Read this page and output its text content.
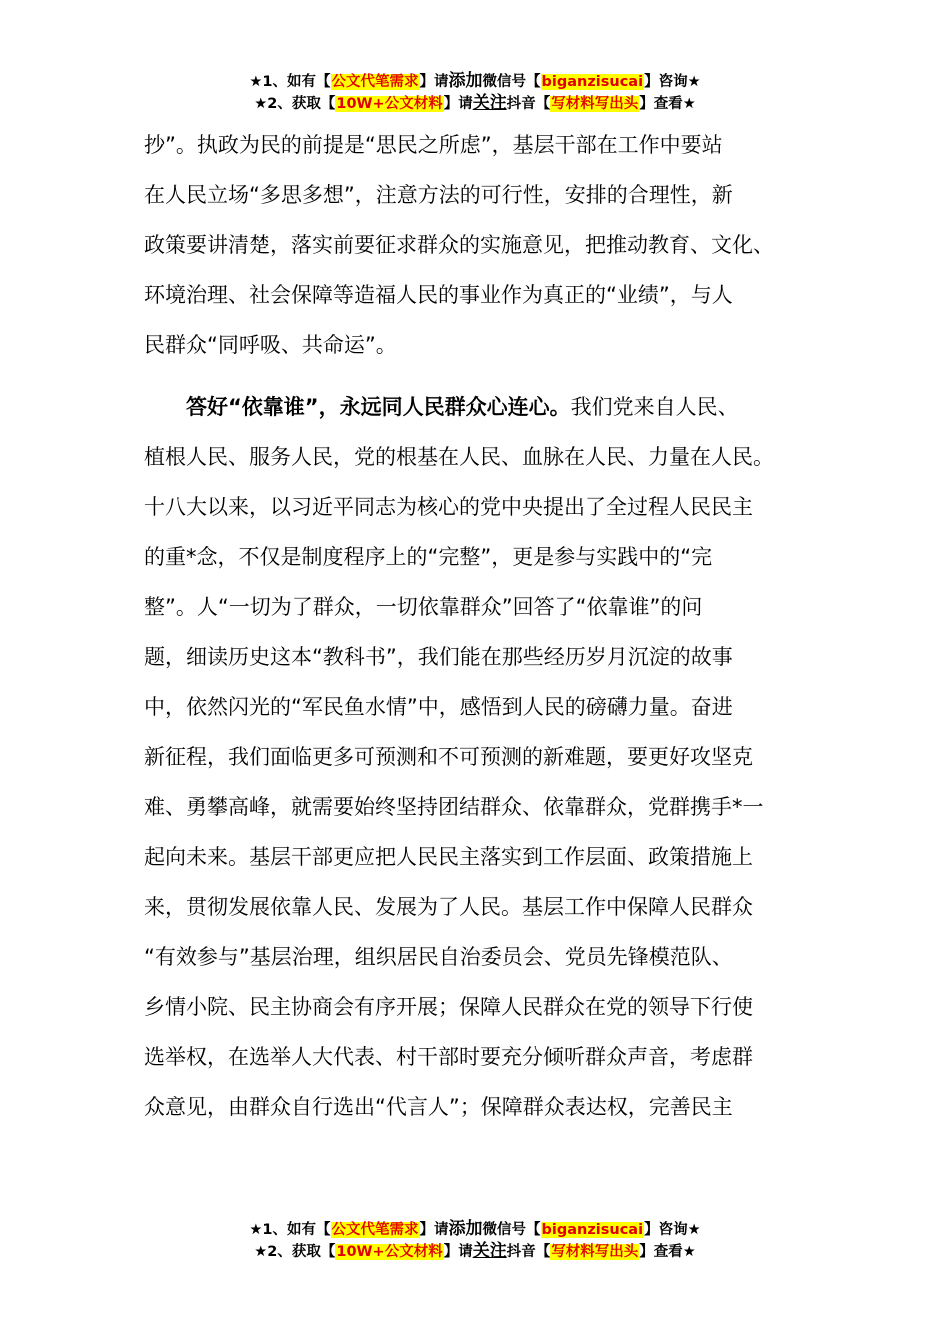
★1、如有【公文代笔需求】请添加微信号【biganzisucai】咨询★
★2、获取【10W+公文材料】请关注抖音【写材料写出头】查看★
抄”。执政为民的前提是“思民之所虑”，基层干部在工作中要站
在人民立场“多思多想”，注意方法的可行性，安排的合理性，新
政策要讲清楚，落实前要征求群众的实施意见，把推动教育、文化、
环境治理、社会保障等造福人民的事业作为真正的“业绩”，与人
民群众“同呼吸、共命运”。
答好“依靠谁”，永远同人民群众心连心。我们党来自人民、
植根人民、服务人民，党的根基在人民、血脉在人民、力量在人民。
十八大以来，以习近平同志为核心的党中央提出了全过程人民民主
的重*念，不仅是制度程序上的“完整”，更是参与实践中的“完
整”。人“一切为了群众，一切依靠群众”回答了“依靠谁”的问
题，细读历史这本“教科书”，我们能在那些经历岁月沉淀的故事
中，依然闪光的“军民鱼水情”中，感悟到人民的磅礴力量。奋进
新征程，我们面临更多可预测和不可预测的新难题，要更好攻坚克
难、勇攀高峰，就需要始终坚持团结群众、依靠群众，党群携手*一
起向未来。基层干部更应把人民民主落实到工作层面、政策措施上
来，贯彻发展依靠人民、发展为了人民。基层工作中保障人民群众
“有效参与”基层治理，组织居民自治委员会、党员先锋模范队、
乡情小院、民主协商会有序开展；保障人民群众在党的领导下行使
选举权，在选举人大代表、村干部时要充分倾听群众声音，考虑群
众意见，由群众自行选出“代言人”；保障群众表达权，完善民主
★1、如有【公文代笔需求】请添加微信号【biganzisucai】咨询★
★2、获取【10W+公文材料】请关注抖音【写材料写出头】查看★
